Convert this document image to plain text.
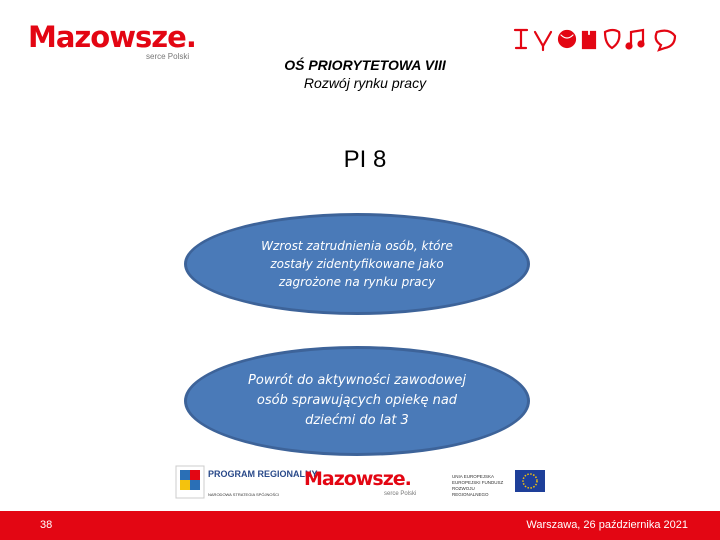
Mazowsze.
serce Polski
OŚ PRIORYTETOWA VIII
Rozwój rynku pracy
PI 8
Wzrost zatrudnienia osób, które zostały zidentyfikowane jako zagrożone na rynku pracy
Powrót do aktywności zawodowej osób sprawujących opiekę nad dziećmi do lat 3
PROGRAM REGIONALNY
NARODOWA STRATEGIA SPÓJNOŚCI
Mazowsze.
serce Polski
UNIA EUROPEJSKA EUROPEJSKI FUNDUSZ ROZWOJU REGIONALNEGO
38	Warszawa, 26 października 2021
